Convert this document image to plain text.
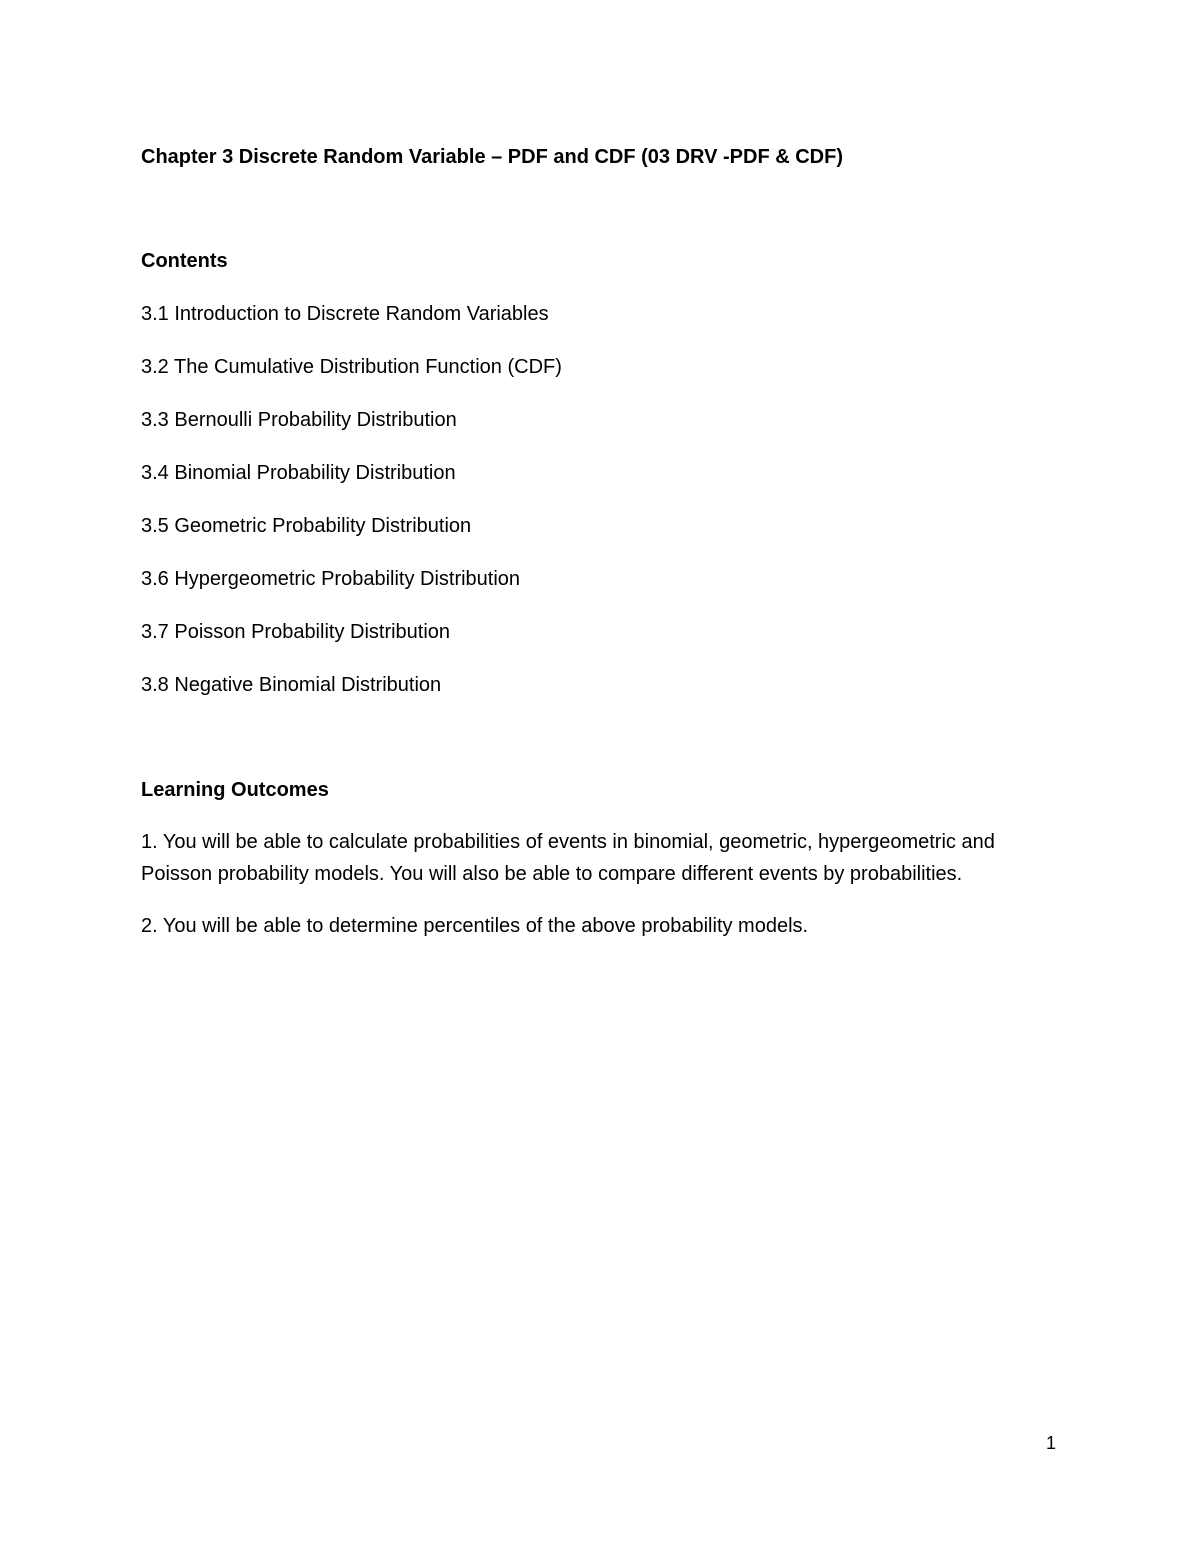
Chapter 3 Discrete Random Variable – PDF and CDF (03 DRV -PDF & CDF)
Contents
3.1 Introduction to Discrete Random Variables
3.2 The Cumulative Distribution Function (CDF)
3.3 Bernoulli Probability Distribution
3.4 Binomial Probability Distribution
3.5 Geometric Probability Distribution
3.6 Hypergeometric Probability Distribution
3.7 Poisson Probability Distribution
3.8 Negative Binomial Distribution
Learning Outcomes

1. You will be able to calculate probabilities of events in binomial, geometric, hypergeometric and Poisson probability models. You will also be able to compare different events by probabilities.

2. You will be able to determine percentiles of the above probability models.

1
